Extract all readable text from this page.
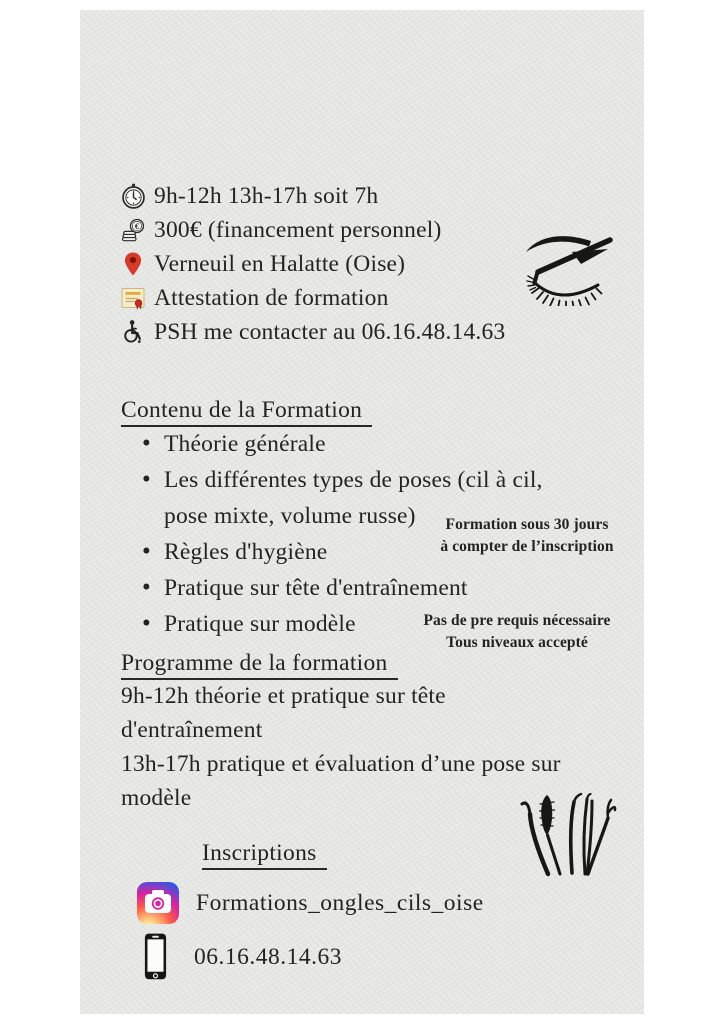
9h-12h 13h-17h soit 7h
€ 300€ (financement personnel)
Verneuil en Halatte (Oise)
Attestation de formation
PSH me contacter au 06.16.48.14.63
Contenu de la Formation
• Théorie générale
• Les différentes types de poses (cil à cil, pose mixte, volume russe)
• Règles d'hygiène
• Pratique sur tête d'entraînement
• Pratique sur modèle
Formation sous 30 jours
à compter de l’inscription
Pas de pre requis nécessaire
Tous niveaux accepté
Programme de la formation
9h-12h théorie et pratique sur tête d'entraînement
13h-17h pratique et évaluation d’une pose sur modèle
Inscriptions
Formations_ongles_cils_oise
06.16.48.14.63
